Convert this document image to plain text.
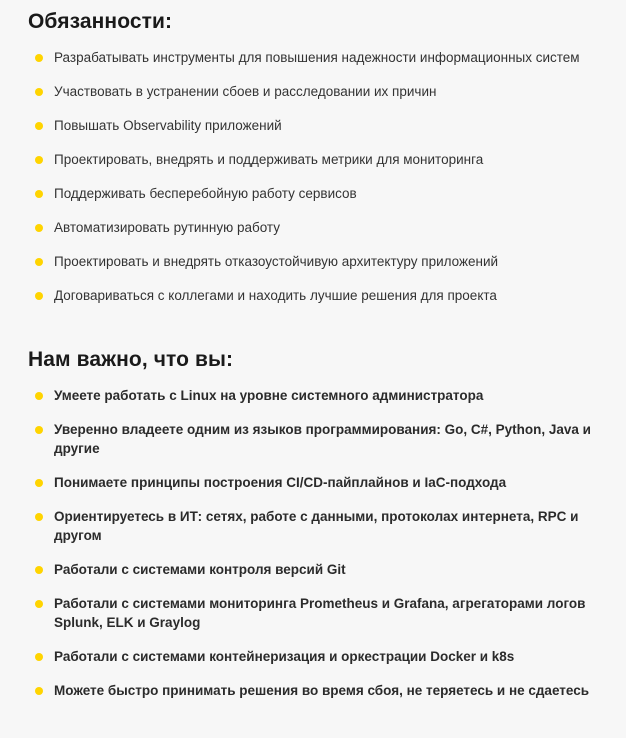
Обязанности:
Разрабатывать инструменты для повышения надежности информационных систем
Участвовать в устранении сбоев и расследовании их причин
Повышать Observability приложений
Проектировать, внедрять и поддерживать метрики для мониторинга
Поддерживать бесперебойную работу сервисов
Автоматизировать рутинную работу
Проектировать и внедрять отказоустойчивую архитектуру приложений
Договариваться с коллегами и находить лучшие решения для проекта
Нам важно, что вы:
Умеете работать с Linux на уровне системного администратора
Уверенно владеете одним из языков программирования: Go, C#, Python, Java и другие
Понимаете принципы построения CI/CD-пайплайнов и IaC-подхода
Ориентируетесь в ИТ: сетях, работе с данными, протоколах интернета, RPC и другом
Работали с системами контроля версий Git
Работали с системами мониторинга Prometheus и Grafana, агрегаторами логов Splunk, ELK и Graylog
Работали с системами контейнеризация и оркестрации Docker и k8s
Можете быстро принимать решения во время сбоя, не теряетесь и не сдаетесь
